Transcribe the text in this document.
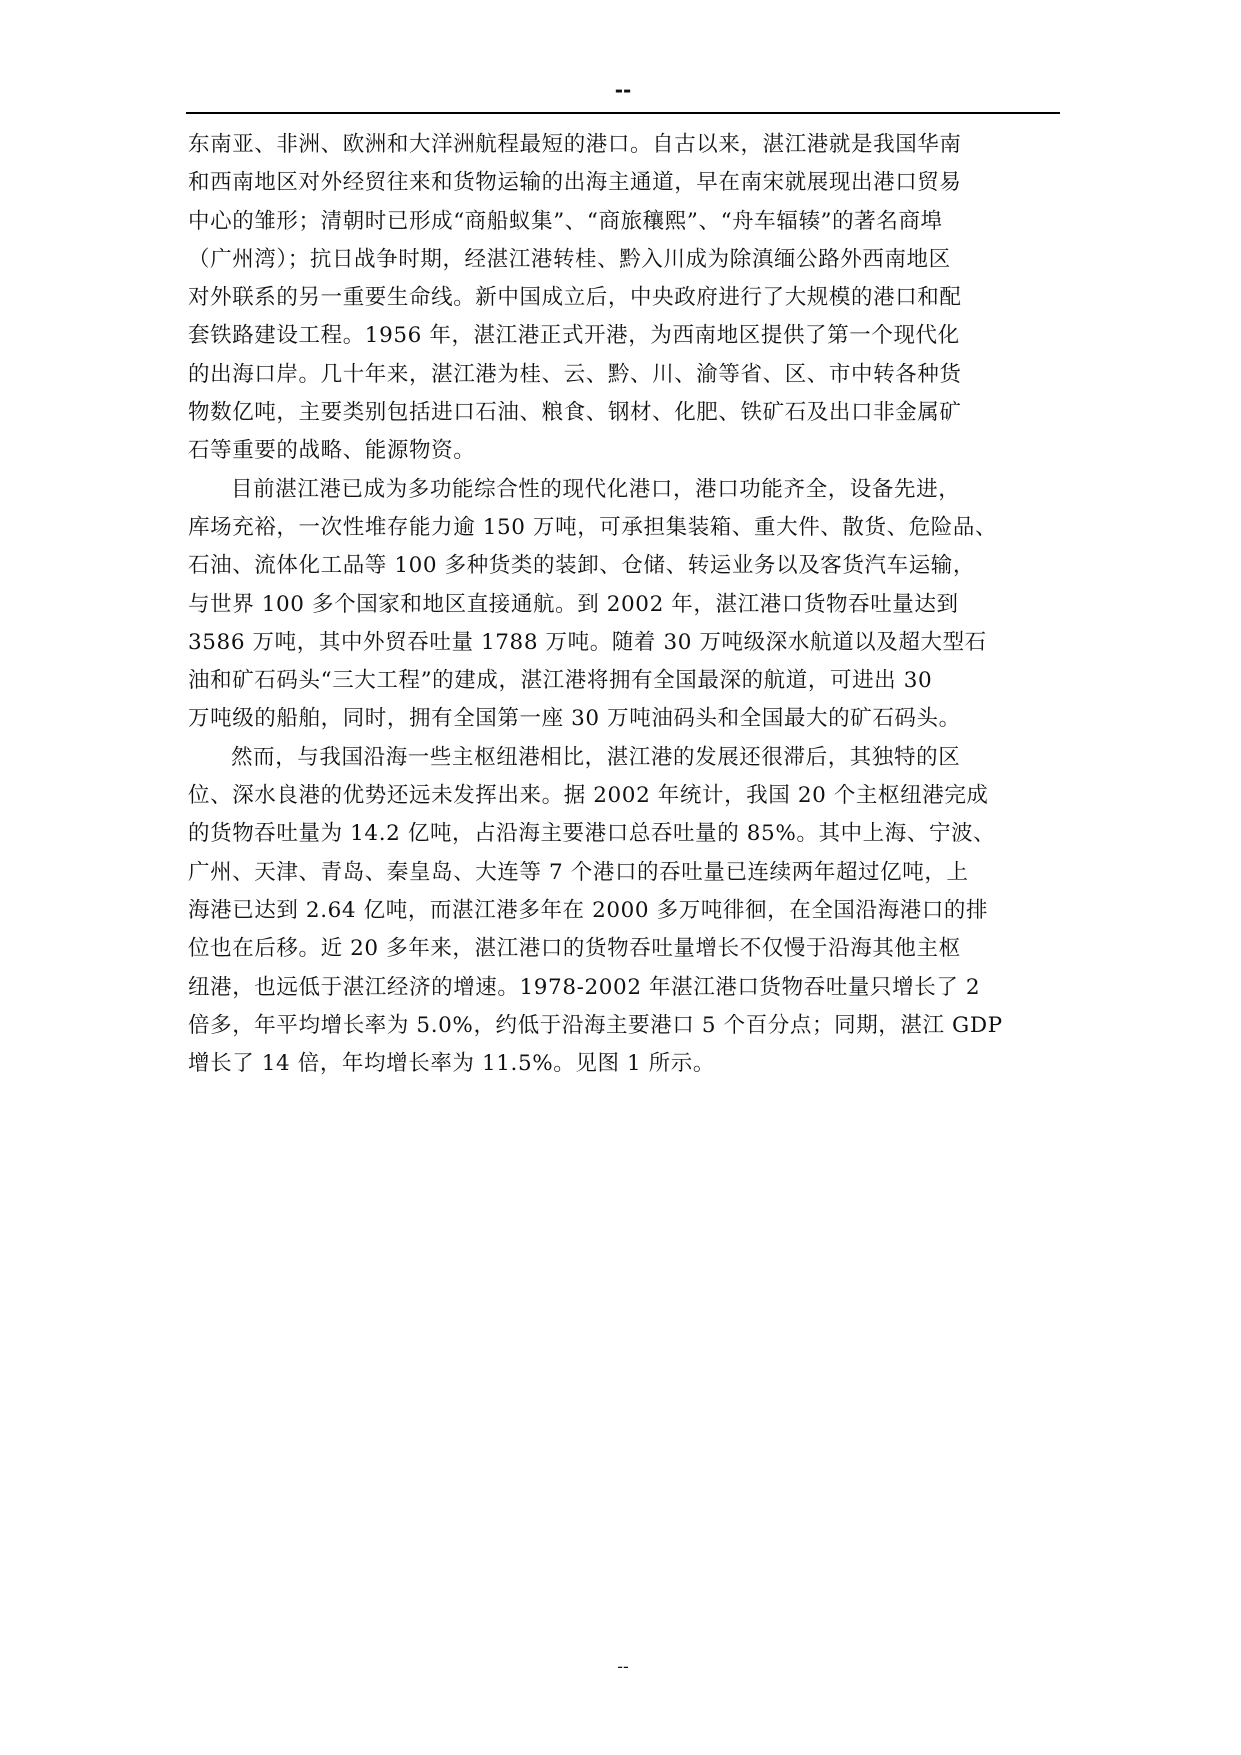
--
东南亚、非洲、欧洲和大洋洲航程最短的港口。自古以来，湛江港就是我国华南
和西南地区对外经贸往来和货物运输的出海主通道，早在南宋就展现出港口贸易
中心的雏形；清朝时已形成“商船蚁集”、“商旅穰熙”、“舟车辐辏”的著名商埠
（广州湾）；抗日战争时期，经湛江港转桂、黔入川成为除滇缅公路外西南地区
对外联系的另一重要生命线。新中国成立后，中央政府进行了大规模的港口和配
套铁路建设工程。1956 年，湛江港正式开港，为西南地区提供了第一个现代化
的出海口岸。几十年来，湛江港为桂、云、黔、川、渝等省、区、市中转各种货
物数亿吨，主要类别包括进口石油、粮食、钢材、化肥、铁矿石及出口非金属矿
石等重要的战略、能源物资。
目前湛江港已成为多功能综合性的现代化港口，港口功能齐全，设备先进，
库场充裕，一次性堆存能力逾 150 万吨，可承担集装箱、重大件、散货、危险品、
石油、流体化工品等 100 多种货类的装卸、仓储、转运业务以及客货汽车运输，
与世界 100 多个国家和地区直接通航。到 2002 年，湛江港口货物吞吐量达到
3586 万吨，其中外贸吞吐量 1788 万吨。随着 30 万吨级深水航道以及超大型石
油和矿石码头“三大工程”的建成，湛江港将拥有全国最深的航道，可进出 30
万吨级的船舶，同时，拥有全国第一座 30 万吨油码头和全国最大的矿石码头。
然而，与我国沿海一些主枢纽港相比，湛江港的发展还很滞后，其独特的区
位、深水良港的优势还远未发挥出来。据 2002 年统计，我国 20 个主枢纽港完成
的货物吞吐量为 14.2 亿吨，占沿海主要港口总吞吐量的 85%。其中上海、宁波、
广州、天津、青岛、秦皇岛、大连等 7 个港口的吞吐量已连续两年超过亿吨，上
海港已达到 2.64 亿吨，而湛江港多年在 2000 多万吨徘徊，在全国沿海港口的排
位也在后移。近 20 多年来，湛江港口的货物吞吐量增长不仅慢于沿海其他主枢
纽港，也远低于湛江经济的增速。1978-2002 年湛江港口货物吞吐量只增长了 2
倍多，年平均增长率为 5.0%，约低于沿海主要港口 5 个百分点；同期，湛江 GDP
增长了 14 倍，年均增长率为 11.5%。见图 1 所示。
--
